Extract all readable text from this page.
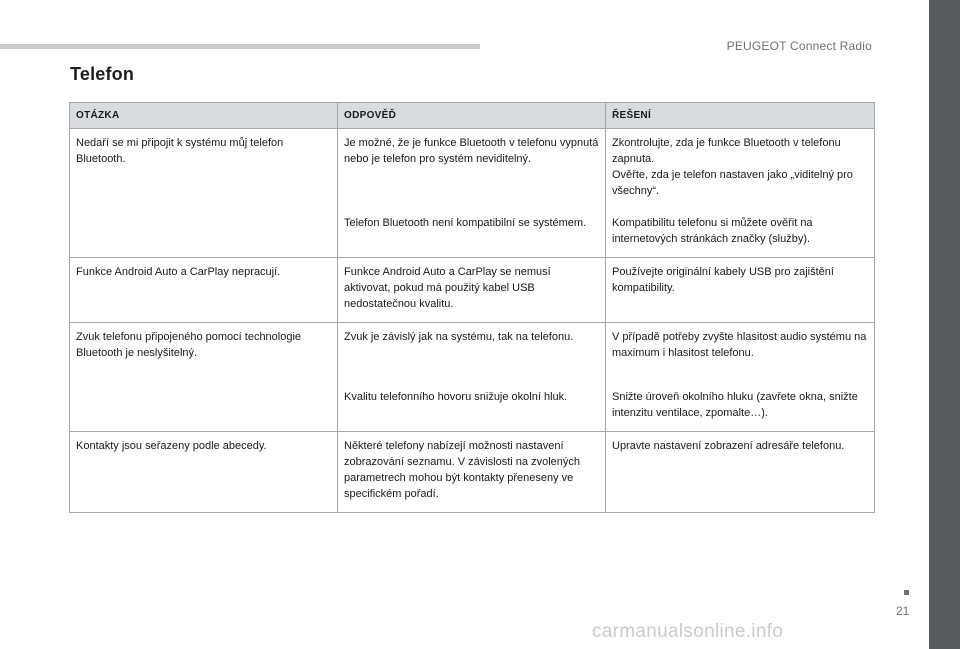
PEUGEOT Connect Radio
Telefon
OTÁZKA	ODPOVĚĎ	ŘEŠENÍ
Nedaří se mi připojit k systému můj telefon Bluetooth.	Je možné, že je funkce Bluetooth v telefonu vypnutá nebo je telefon pro systém neviditelný.	Zkontrolujte, zda je funkce Bluetooth v telefonu zapnuta.
Ověřte, zda je telefon nastaven jako „viditelný pro všechny“.

	Telefon Bluetooth není kompatibilní se systémem.	Kompatibilitu telefonu si můžete ověřit na internetových stránkách značky (služby).

Funkce Android Auto a CarPlay nepracují.	Funkce Android Auto a CarPlay se nemusí aktivovat, pokud má použitý kabel USB nedostatečnou kvalitu.	Používejte originální kabely USB pro zajištění kompatibility.

Zvuk telefonu připojeného pomocí technologie Bluetooth je neslyšitelný.	Zvuk je závislý jak na systému, tak na telefonu.	V případě potřeby zvyšte hlasitost audio systému na maximum i hlasitost telefonu.

	Kvalitu telefonního hovoru snižuje okolní hluk.	Snižte úroveň okolního hluku (zavřete okna, snižte intenzitu ventilace, zpomalte…).

Kontakty jsou seřazeny podle abecedy.	Některé telefony nabízejí možnosti nastavení zobrazování seznamu. V závislosti na zvolených parametrech mohou být kontakty přeneseny ve specifickém pořadí.	Upravte nastavení zobrazení adresáře telefonu.
21
carmanualsonline.info
